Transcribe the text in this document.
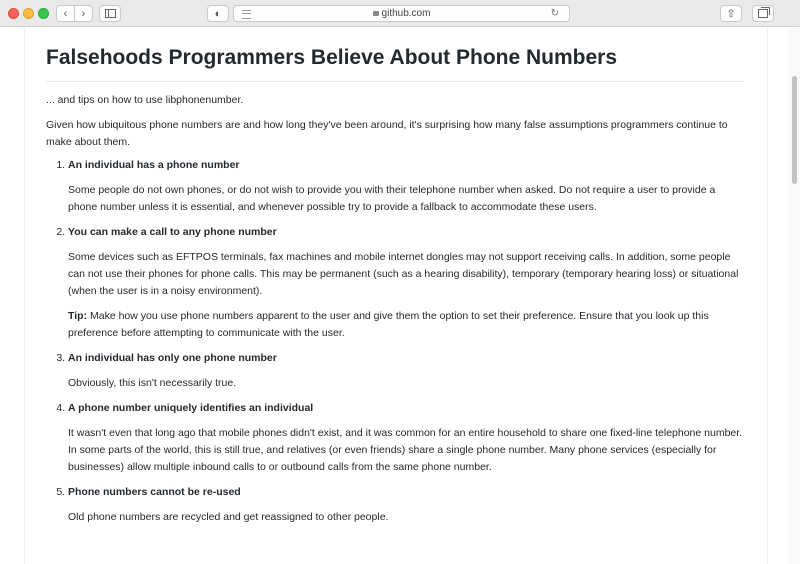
‹ ›	◐	github.com	↻	⇧
Falsehoods Programmers Believe About Phone Numbers

... and tips on how to use libphonenumber.

Given how ubiquitous phone numbers are and how long they've been around, it's surprising how many false assumptions programmers continue to make about them.

1. An individual has a phone number
Some people do not own phones, or do not wish to provide you with their telephone number when asked. Do not require a user to provide a phone number unless it is essential, and whenever possible try to provide a fallback to accommodate these users.
2. You can make a call to any phone number
Some devices such as EFTPOS terminals, fax machines and mobile internet dongles may not support receiving calls. In addition, some people can not use their phones for phone calls. This may be permanent (such as a hearing disability), temporary (temporary hearing loss) or situational (when the user is in a noisy environment).
Tip: Make how you use phone numbers apparent to the user and give them the option to set their preference. Ensure that you look up this preference before attempting to communicate with the user.
3. An individual has only one phone number
Obviously, this isn't necessarily true.
4. A phone number uniquely identifies an individual
It wasn't even that long ago that mobile phones didn't exist, and it was common for an entire household to share one fixed-line telephone number. In some parts of the world, this is still true, and relatives (or even friends) share a single phone number. Many phone services (especially for businesses) allow multiple inbound calls to or outbound calls from the same phone number.
5. Phone numbers cannot be re-used
Old phone numbers are recycled and get reassigned to other people.
